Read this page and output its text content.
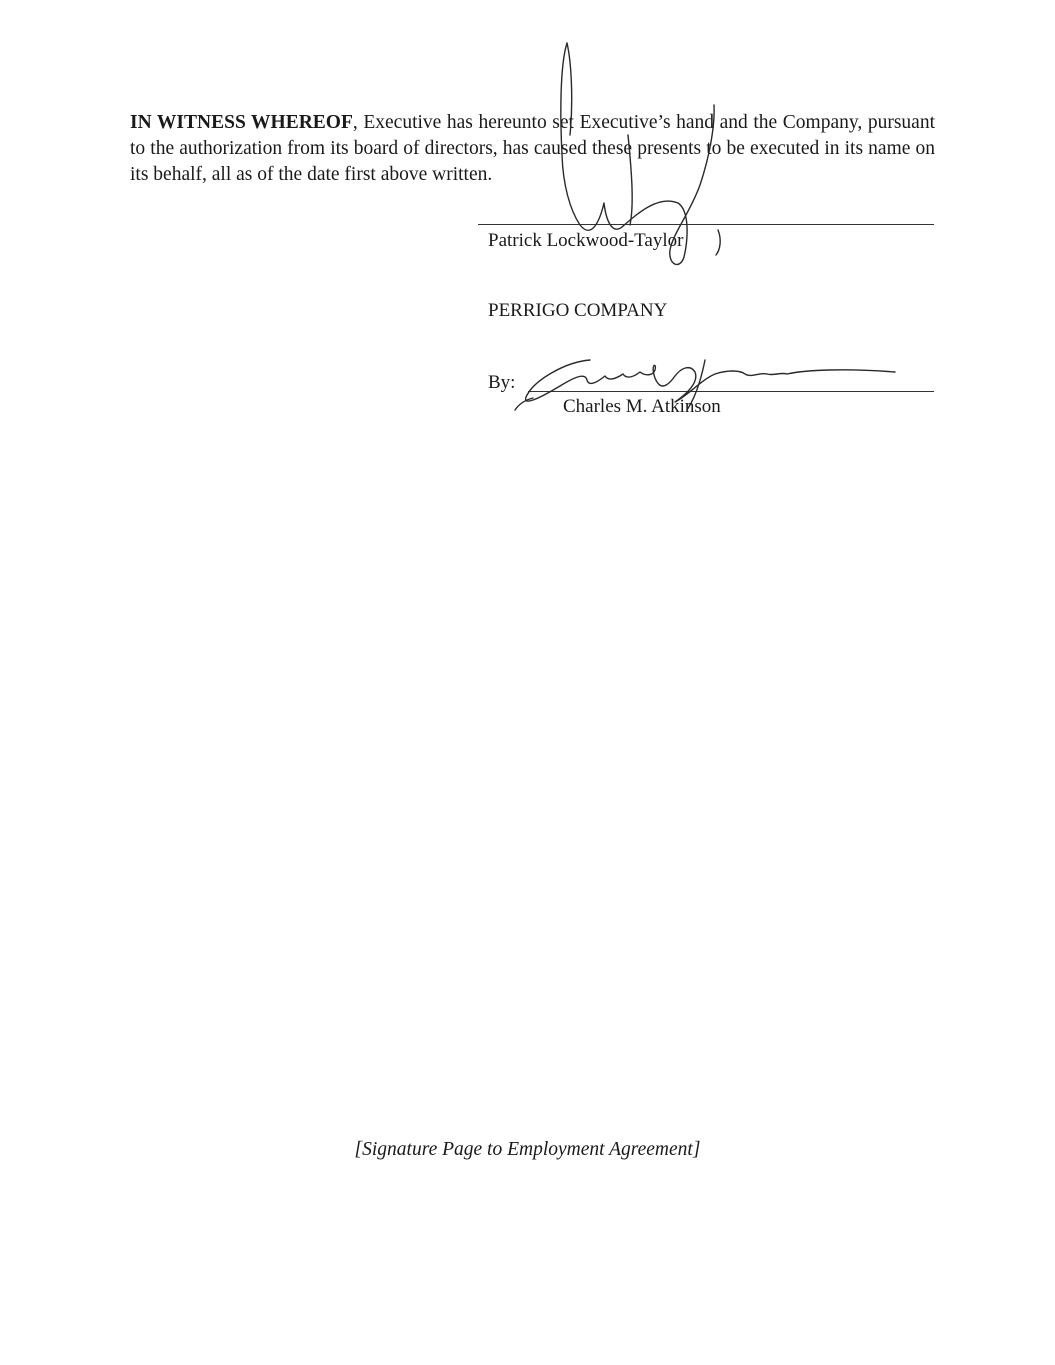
IN WITNESS WHEREOF, Executive has hereunto set Executive’s hand and the Company, pursuant to the authorization from its board of directors, has caused these presents to be executed in its name on its behalf, all as of the date first above written.

Patrick Lockwood-Taylor
PERRIGO COMPANY
By:
Charles M. Atkinson
[Signature Page to Employment Agreement]
